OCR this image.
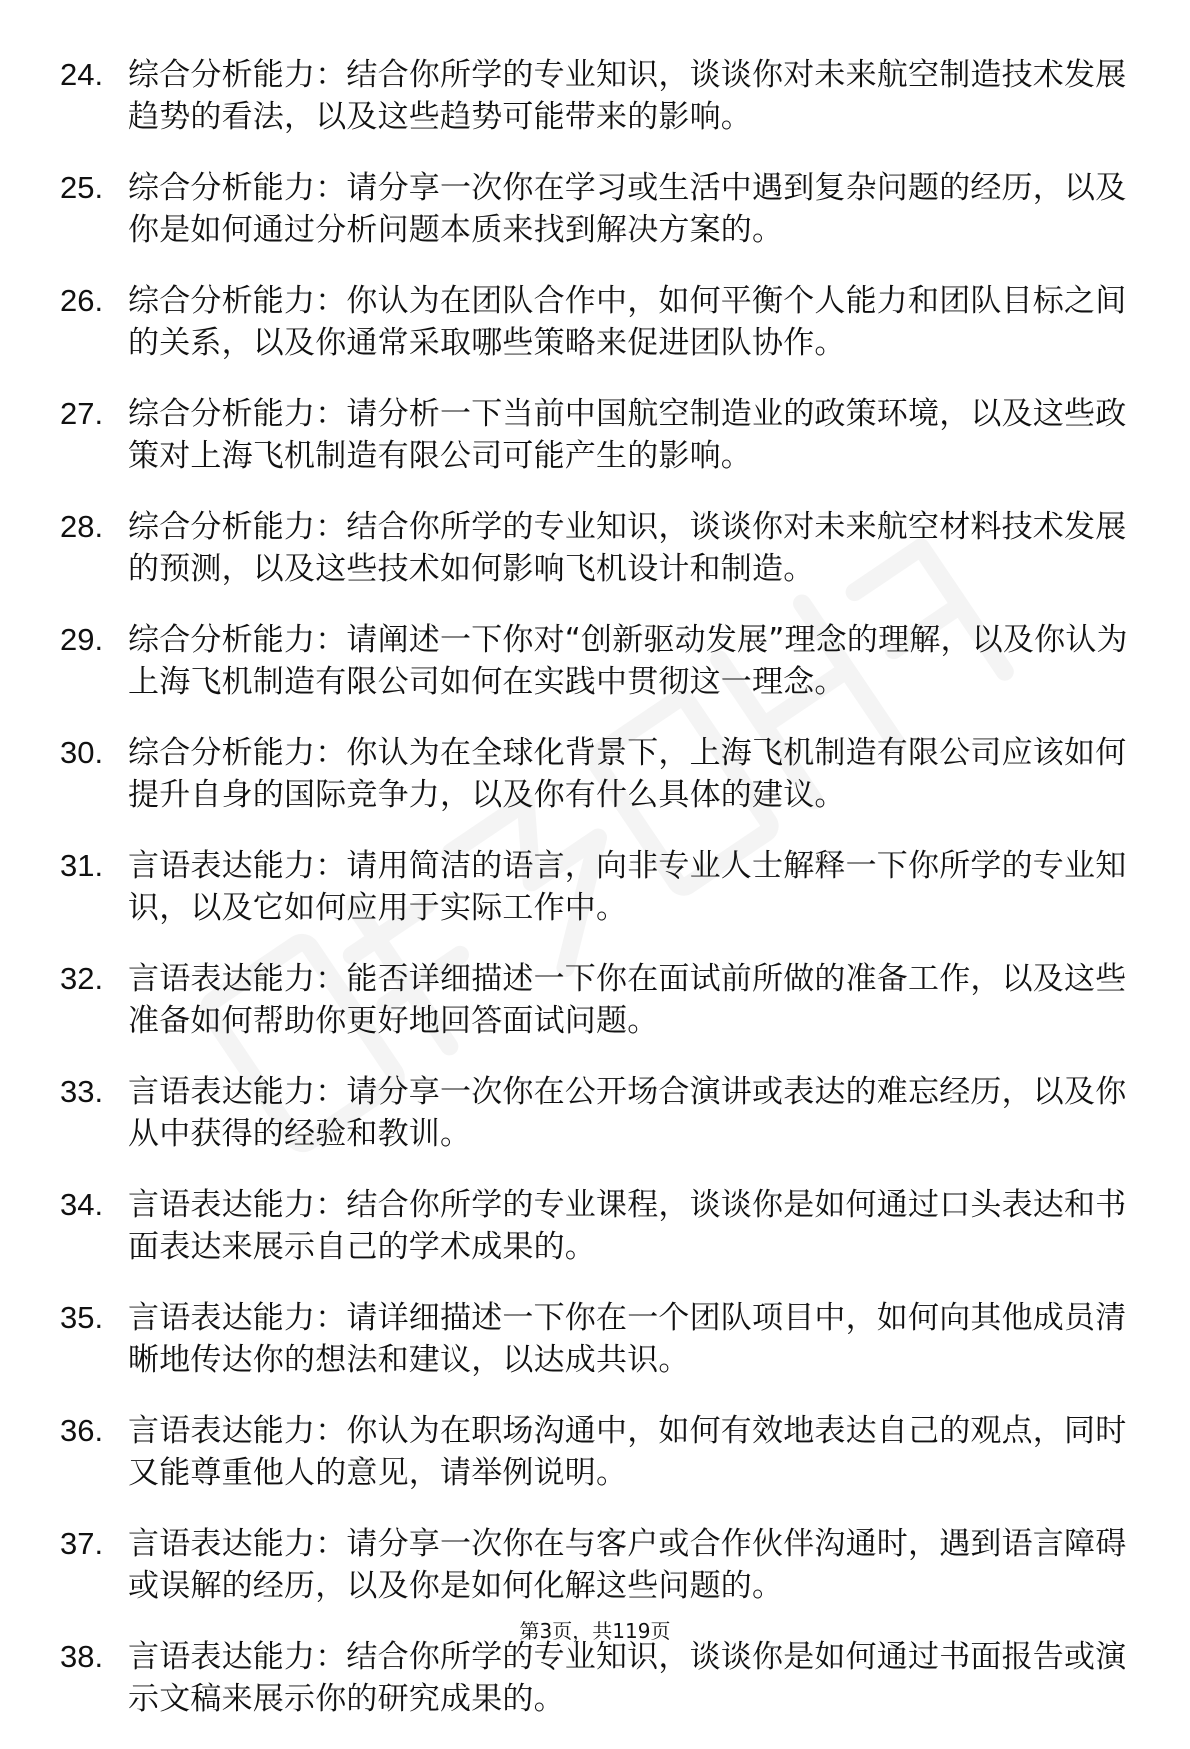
24. 综合分析能力：结合你所学的专业知识，谈谈你对未来航空制造技术发展趋势的看法，以及这些趋势可能带来的影响。
25. 综合分析能力：请分享一次你在学习或生活中遇到复杂问题的经历，以及你是如何通过分析问题本质来找到解决方案的。
26. 综合分析能力：你认为在团队合作中，如何平衡个人能力和团队目标之间的关系，以及你通常采取哪些策略来促进团队协作。
27. 综合分析能力：请分析一下当前中国航空制造业的政策环境，以及这些政策对上海飞机制造有限公司可能产生的影响。
28. 综合分析能力：结合你所学的专业知识，谈谈你对未来航空材料技术发展的预测，以及这些技术如何影响飞机设计和制造。
29. 综合分析能力：请阐述一下你对“创新驱动发展”理念的理解，以及你认为上海飞机制造有限公司如何在实践中贯彻这一理念。
30. 综合分析能力：你认为在全球化背景下，上海飞机制造有限公司应该如何提升自身的国际竞争力，以及你有什么具体的建议。
31. 言语表达能力：请用简洁的语言，向非专业人士解释一下你所学的专业知识，以及它如何应用于实际工作中。
32. 言语表达能力：能否详细描述一下你在面试前所做的准备工作，以及这些准备如何帮助你更好地回答面试问题。
33. 言语表达能力：请分享一次你在公开场合演讲或表达的难忘经历，以及你从中获得的经验和教训。
34. 言语表达能力：结合你所学的专业课程，谈谈你是如何通过口头表达和书面表达来展示自己的学术成果的。
35. 言语表达能力：请详细描述一下你在一个团队项目中，如何向其他成员清晰地传达你的想法和建议，以达成共识。
36. 言语表达能力：你认为在职场沟通中，如何有效地表达自己的观点，同时又能尊重他人的意见，请举例说明。
37. 言语表达能力：请分享一次你在与客户或合作伙伴沟通时，遇到语言障碍或误解的经历，以及你是如何化解这些问题的。
38. 言语表达能力：结合你所学的专业知识，谈谈你是如何通过书面报告或演示文稿来展示你的研究成果的。
第3页，共119页
